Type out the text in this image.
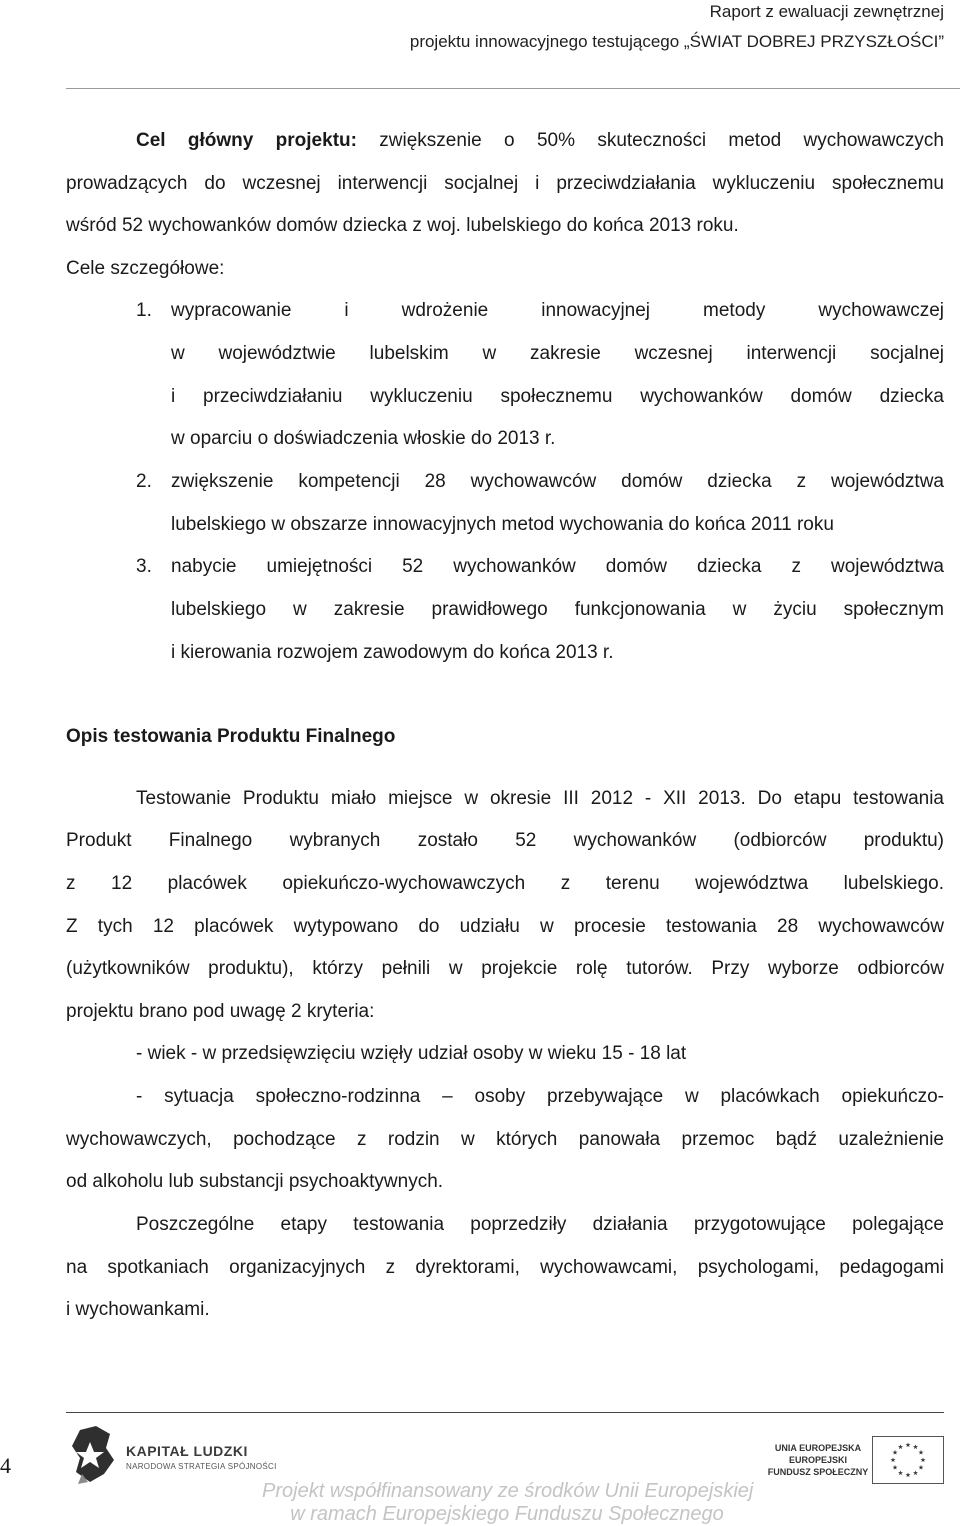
Raport z ewaluacji zewnętrznej
projektu innowacyjnego testującego „ŚWIAT DOBREJ PRZYSZŁOŚCI”
Cel główny projektu: zwiększenie o 50% skuteczności metod wychowawczych
prowadzących do wczesnej interwencji socjalnej i przeciwdziałania wykluczeniu społecznemu
wśród 52 wychowanków domów dziecka z woj. lubelskiego do końca 2013 roku.
Cele szczegółowe:
1. wypracowanie i wdrożenie innowacyjnej metody wychowawczej
w województwie lubelskim w zakresie wczesnej interwencji socjalnej
i przeciwdziałaniu wykluczeniu społecznemu wychowanków domów dziecka
w oparciu o doświadczenia włoskie do 2013 r.
2. zwiększenie kompetencji 28 wychowawców domów dziecka z województwa
lubelskiego w obszarze innowacyjnych metod wychowania do końca 2011 roku
3. nabycie umiejętności 52 wychowanków domów dziecka z województwa
lubelskiego w zakresie prawidłowego funkcjonowania w życiu społecznym
i kierowania rozwojem zawodowym do końca 2013 r.
Opis testowania Produktu Finalnego
Testowanie Produktu miało miejsce w okresie III 2012 - XII 2013. Do etapu testowania
Produkt Finalnego wybranych zostało 52 wychowanków (odbiorców produktu)
z 12 placówek opiekuńczo-wychowawczych z terenu województwa lubelskiego.
Z tych 12 placówek wytypowano do udziału w procesie testowania 28 wychowawców
(użytkowników produktu), którzy pełnili w projekcie rolę tutorów. Przy wyborze odbiorców
projektu brano pod uwagę 2 kryteria:
- wiek - w przedsięwzięciu wzięły udział osoby w wieku 15 - 18 lat
- sytuacja społeczno-rodzinna – osoby przebywające w placówkach opiekuńczo-
wychowawczych, pochodzące z rodzin w których panowała przemoc bądź uzależnienie
od alkoholu lub substancji psychoaktywnych.
Poszczególne etapy testowania poprzedziły działania przygotowujące polegające
na spotkaniach organizacyjnych z dyrektorami, wychowawcami, psychologami, pedagogami
i wychowankami.
4
KAPITAŁ LUDZKI
NARODOWA STRATEGIA SPÓJNOŚCI
Projekt współfinansowany ze środków Unii Europejskiej
w ramach Europejskiego Funduszu Społecznego
UNIA EUROPEJSKA
EUROPEJSKI
FUNDUSZ SPOŁECZNY
